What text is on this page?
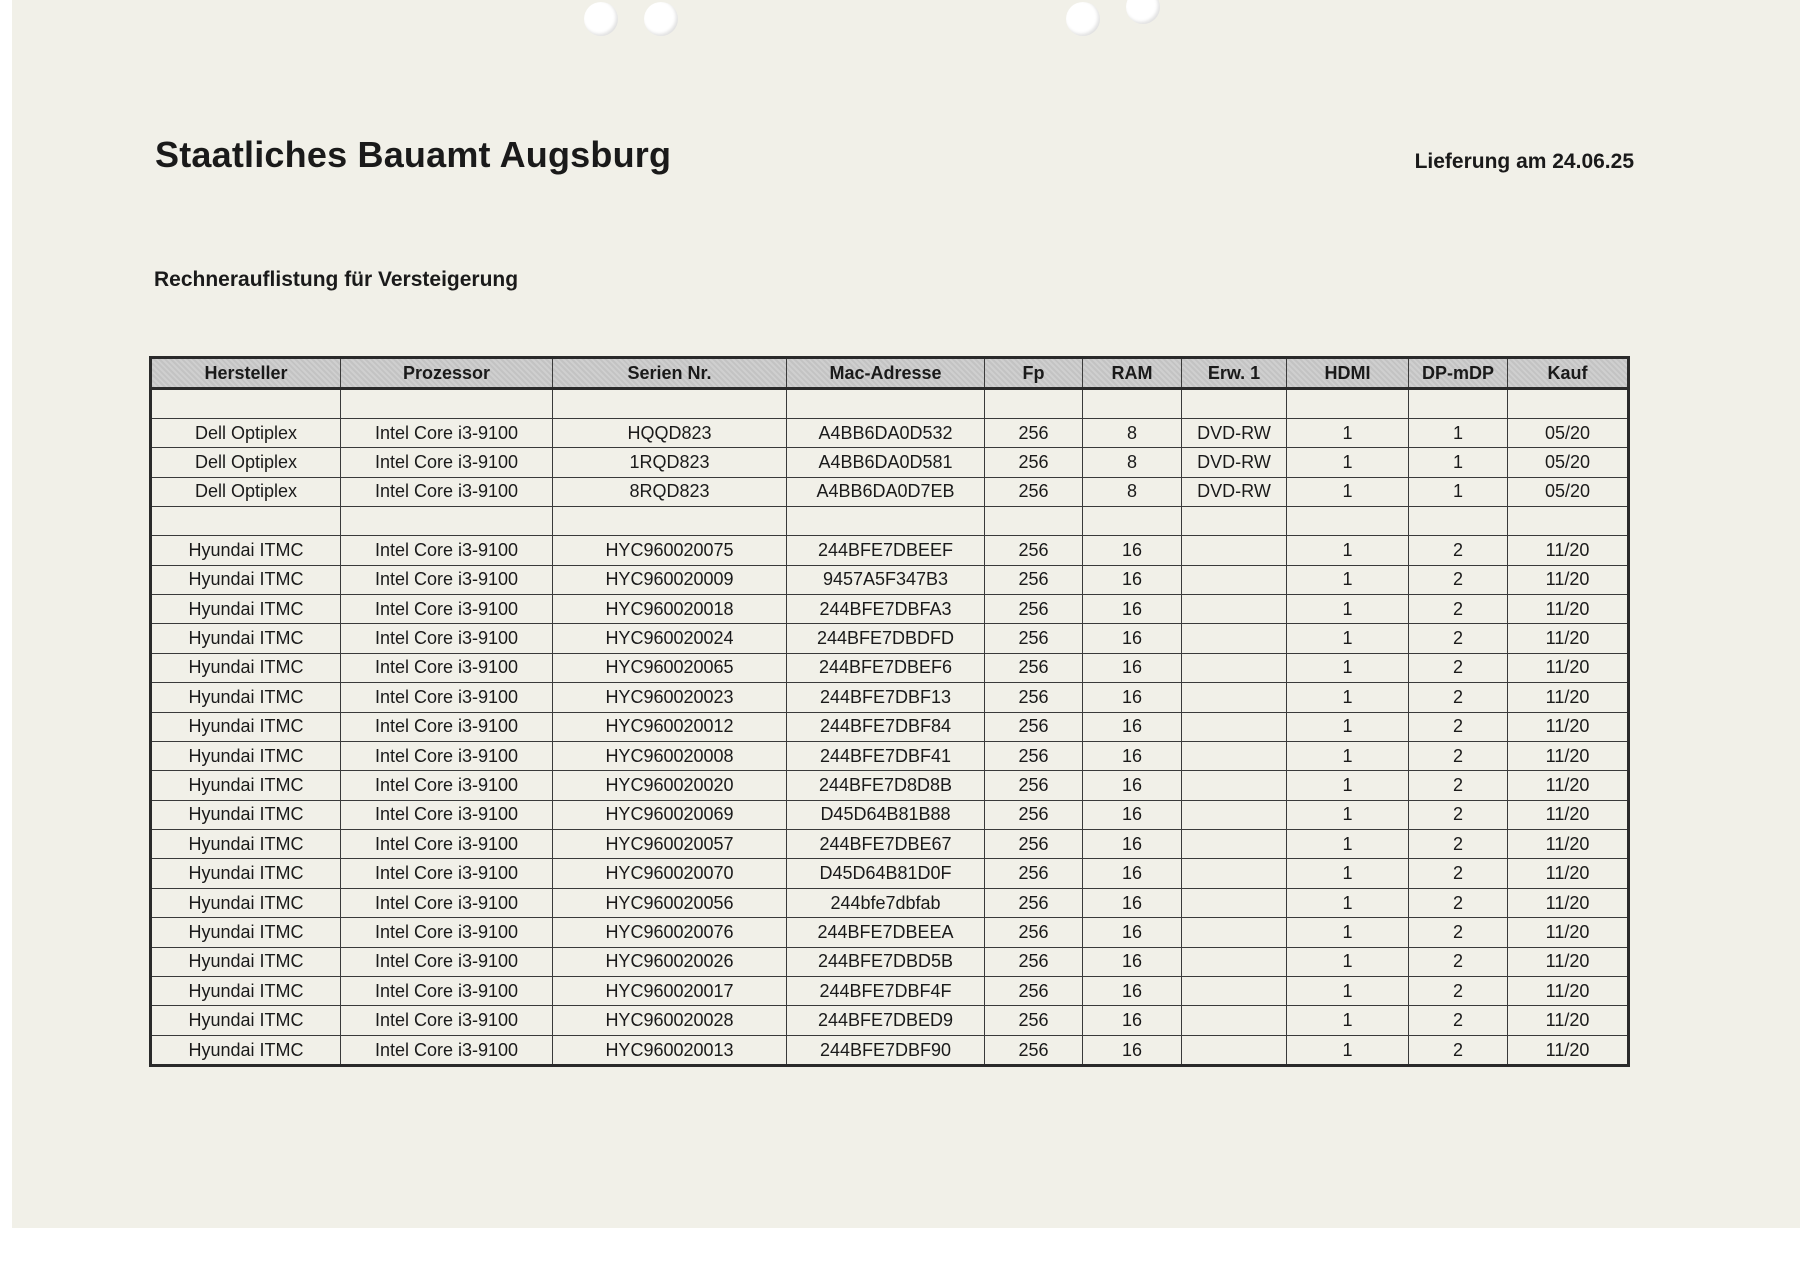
Staatliches Bauamt Augsburg	Lieferung am 24.06.25
Rechnerauflistung für Versteigerung
Hersteller	Prozessor	Serien Nr.	Mac-Adresse	Fp	RAM	Erw. 1	HDMI	DP-mDP	Kauf

Dell Optiplex	Intel Core i3-9100	HQQD823	A4BB6DA0D532	256	8	DVD-RW	1	1	05/20
Dell Optiplex	Intel Core i3-9100	1RQD823	A4BB6DA0D581	256	8	DVD-RW	1	1	05/20
Dell Optiplex	Intel Core i3-9100	8RQD823	A4BB6DA0D7EB	256	8	DVD-RW	1	1	05/20

Hyundai ITMC	Intel Core i3-9100	HYC960020075	244BFE7DBEEF	256	16		1	2	11/20
Hyundai ITMC	Intel Core i3-9100	HYC960020009	9457A5F347B3	256	16		1	2	11/20
Hyundai ITMC	Intel Core i3-9100	HYC960020018	244BFE7DBFA3	256	16		1	2	11/20
Hyundai ITMC	Intel Core i3-9100	HYC960020024	244BFE7DBDFD	256	16		1	2	11/20
Hyundai ITMC	Intel Core i3-9100	HYC960020065	244BFE7DBEF6	256	16		1	2	11/20
Hyundai ITMC	Intel Core i3-9100	HYC960020023	244BFE7DBF13	256	16		1	2	11/20
Hyundai ITMC	Intel Core i3-9100	HYC960020012	244BFE7DBF84	256	16		1	2	11/20
Hyundai ITMC	Intel Core i3-9100	HYC960020008	244BFE7DBF41	256	16		1	2	11/20
Hyundai ITMC	Intel Core i3-9100	HYC960020020	244BFE7D8D8B	256	16		1	2	11/20
Hyundai ITMC	Intel Core i3-9100	HYC960020069	D45D64B81B88	256	16		1	2	11/20
Hyundai ITMC	Intel Core i3-9100	HYC960020057	244BFE7DBE67	256	16		1	2	11/20
Hyundai ITMC	Intel Core i3-9100	HYC960020070	D45D64B81D0F	256	16		1	2	11/20
Hyundai ITMC	Intel Core i3-9100	HYC960020056	244bfe7dbfab	256	16		1	2	11/20
Hyundai ITMC	Intel Core i3-9100	HYC960020076	244BFE7DBEEA	256	16		1	2	11/20
Hyundai ITMC	Intel Core i3-9100	HYC960020026	244BFE7DBD5B	256	16		1	2	11/20
Hyundai ITMC	Intel Core i3-9100	HYC960020017	244BFE7DBF4F	256	16		1	2	11/20
Hyundai ITMC	Intel Core i3-9100	HYC960020028	244BFE7DBED9	256	16		1	2	11/20
Hyundai ITMC	Intel Core i3-9100	HYC960020013	244BFE7DBF90	256	16		1	2	11/20
